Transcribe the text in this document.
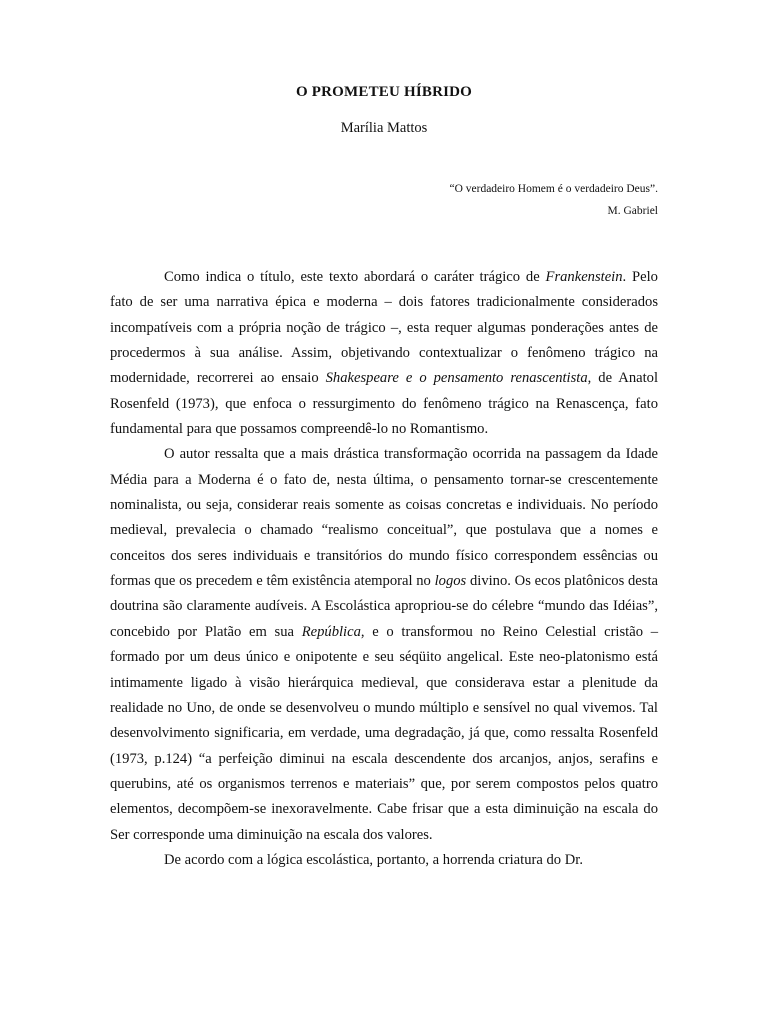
O PROMETEU HÍBRIDO
Marília Mattos
“O verdadeiro Homem é o verdadeiro Deus”.
M. Gabriel

Como indica o título, este texto abordará o caráter trágico de Frankenstein. Pelo fato de ser uma narrativa épica e moderna – dois fatores tradicionalmente considerados incompatíveis com a própria noção de trágico –, esta requer algumas ponderações antes de procedermos à sua análise. Assim, objetivando contextualizar o fenômeno trágico na modernidade, recorrerei ao ensaio Shakespeare e o pensamento renascentista, de Anatol Rosenfeld (1973), que enfoca o ressurgimento do fenômeno trágico na Renascença, fato fundamental para que possamos compreendê-lo no Romantismo.

O autor ressalta que a mais drástica transformação ocorrida na passagem da Idade Média para a Moderna é o fato de, nesta última, o pensamento tornar-se crescentemente nominalista, ou seja, considerar reais somente as coisas concretas e individuais. No período medieval, prevalecia o chamado “realismo conceitual”, que postulava que a nomes e conceitos dos seres individuais e transitórios do mundo físico correspondem essências ou formas que os precedem e têm existência atemporal no logos divino. Os ecos platônicos desta doutrina são claramente audíveis. A Escolástica apropriou-se do célebre “mundo das Idéias”, concebido por Platão em sua República, e o transformou no Reino Celestial cristão – formado por um deus único e onipotente e seu séqüito angelical. Este neo-platonismo está intimamente ligado à visão hierárquica medieval, que considerava estar a plenitude da realidade no Uno, de onde se desenvolveu o mundo múltiplo e sensível no qual vivemos. Tal desenvolvimento significaria, em verdade, uma degradação, já que, como ressalta Rosenfeld (1973, p.124) “a perfeição diminui na escala descendente dos arcanjos, anjos, serafins e querubins, até os organismos terrenos e materiais” que, por serem compostos pelos quatro elementos, decompõem-se inexoravelmente. Cabe frisar que a esta diminuição na escala do Ser corresponde uma diminuição na escala dos valores.

De acordo com a lógica escolástica, portanto, a horrenda criatura do Dr.
